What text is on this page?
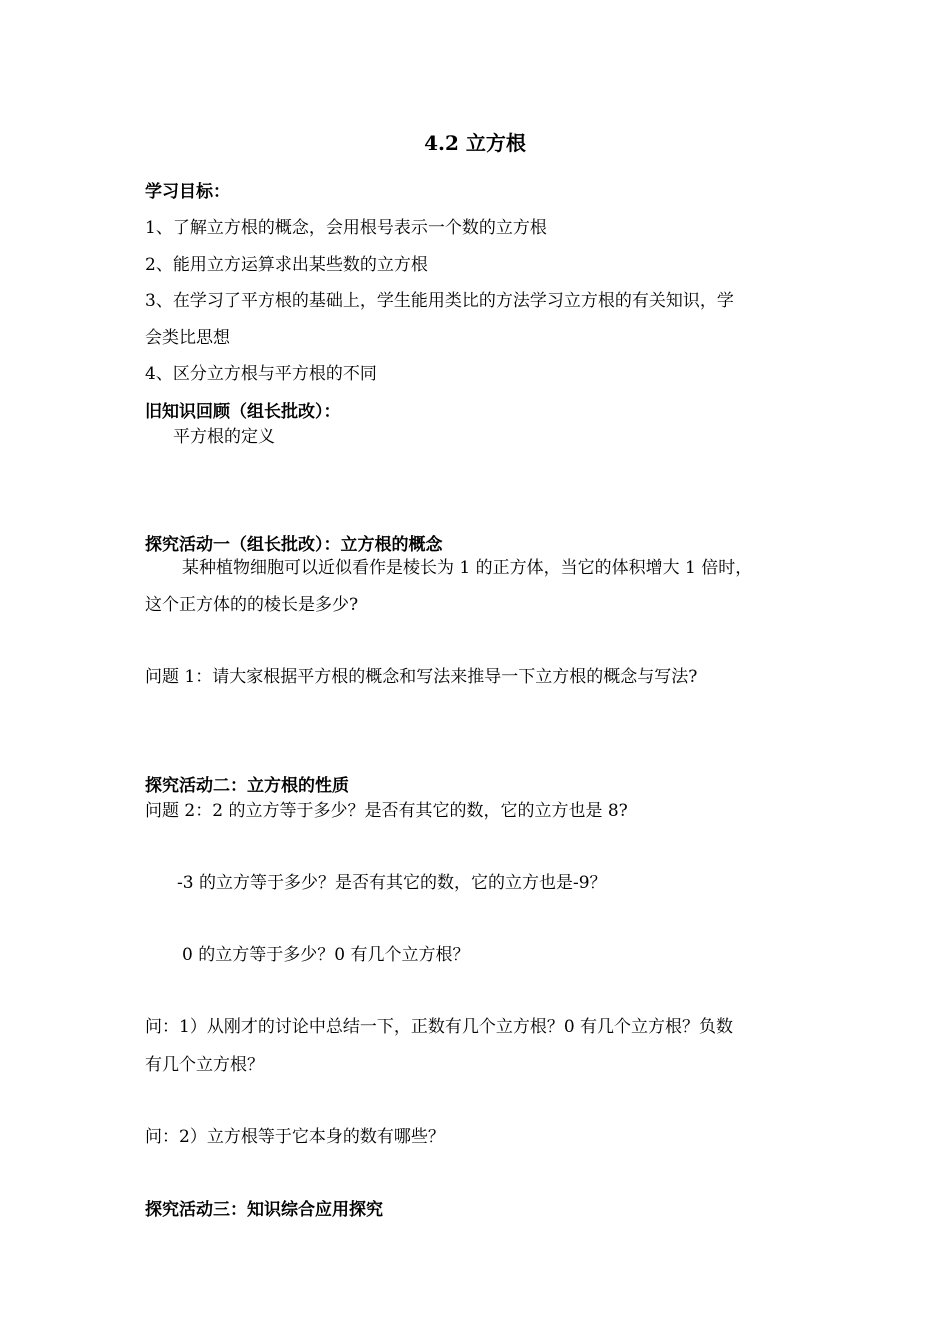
4.2 立方根
学习目标：
1、了解立方根的概念，会用根号表示一个数的立方根
2、能用立方运算求出某些数的立方根
3、在学习了平方根的基础上，学生能用类比的方法学习立方根的有关知识，学
会类比思想
4、区分立方根与平方根的不同
旧知识回顾（组长批改）：
平方根的定义
探究活动一（组长批改）：立方根的概念
某种植物细胞可以近似看作是棱长为 1 的正方体，当它的体积增大 1 倍时，
这个正方体的的棱长是多少?
问题 1：请大家根据平方根的概念和写法来推导一下立方根的概念与写法?
探究活动二：立方根的性质
问题 2：2 的立方等于多少？是否有其它的数，它的立方也是 8?
-3 的立方等于多少？是否有其它的数，它的立方也是-9？
0 的立方等于多少？0 有几个立方根？
问：1）从刚才的讨论中总结一下，正数有几个立方根？0 有几个立方根？负数
有几个立方根？
问：2）立方根等于它本身的数有哪些？
探究活动三：知识综合应用探究
